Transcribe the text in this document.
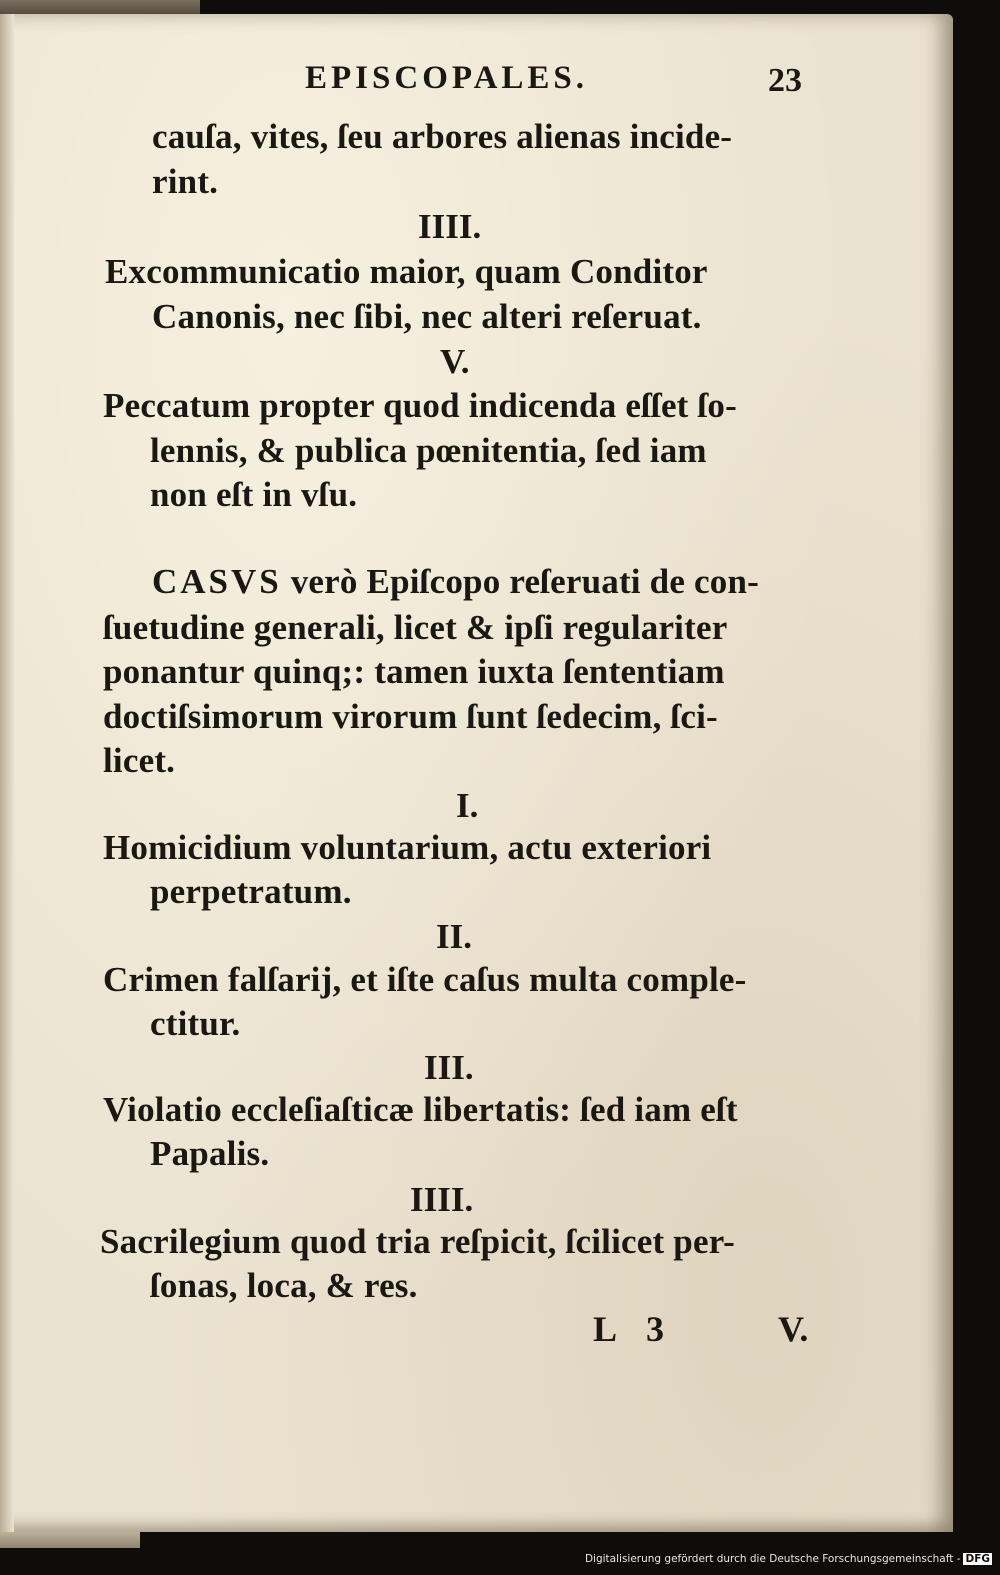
EPISCOPALES.	23

cauſa, vites, ſeu arbores alienas incide-

rint.

IIII.

Excommunicatio maior, quam Conditor

Canonis, nec ſibi, nec alteri reſeruat.

V.

Peccatum propter quod indicenda eſſet ſo-

lennis, & publica pœnitentia, ſed iam

non eſt in vſu.

CASVS verò Epiſcopo reſeruati de con-

ſuetudine generali, licet & ipſi regulariter

ponantur quinq;: tamen iuxta ſententiam

doctiſsimorum virorum ſunt ſedecim, ſci-

licet.

I.

Homicidium voluntarium, actu exteriori

perpetratum.

II.

Crimen falſarij, et iſte caſus multa comple-

ctitur.

III.

Violatio eccleſiaſticæ libertatis: ſed iam eſt

Papalis.

IIII.

Sacrilegium quod tria reſpicit, ſcilicet per-

ſonas, loca, & res.

L 3	V.

Digitalisierung gefördert durch die Deutsche Forschungsgemeinschaft - DFG
